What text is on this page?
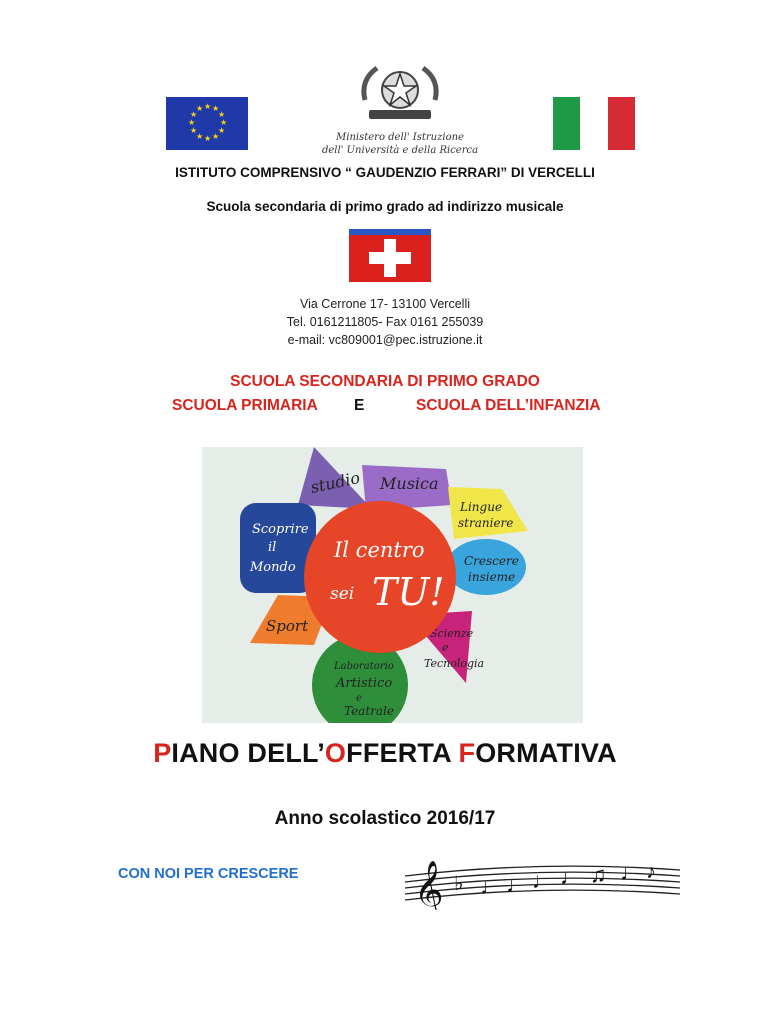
★ ★
★
★
★
★
★
★
★
★
★
★
Ministero dell' Istruzione
dell' Università e della Ricerca
ISTITUTO COMPRENSIVO “ GAUDENZIO FERRARI” DI VERCELLI
Scuola secondaria di primo grado ad indirizzo musicale
Via Cerrone 17- 13100 Vercelli
Tel. 0161211805- Fax 0161 255039
e-mail: vc809001@pec.istruzione.it
SCUOLA SECONDARIA DI PRIMO GRADO
SCUOLA PRIMARIA E	SCUOLA DELL’INFANZIA
studio Musica
Lingue
straniere
Crescere
insieme
Scoprire
il
Mondo
Sport	Scienze
e
Tecnologia
Laboratorio
Artistico
e
Teatrale
Il centro
sei TU!
PIANO DELL’OFFERTA FORMATIVA
Anno scolastico 2016/17
CON NOI PER CRESCERE 𝄞 ♭ ♩ ♩ ♩ ♩ ♫ ♩ ♪
